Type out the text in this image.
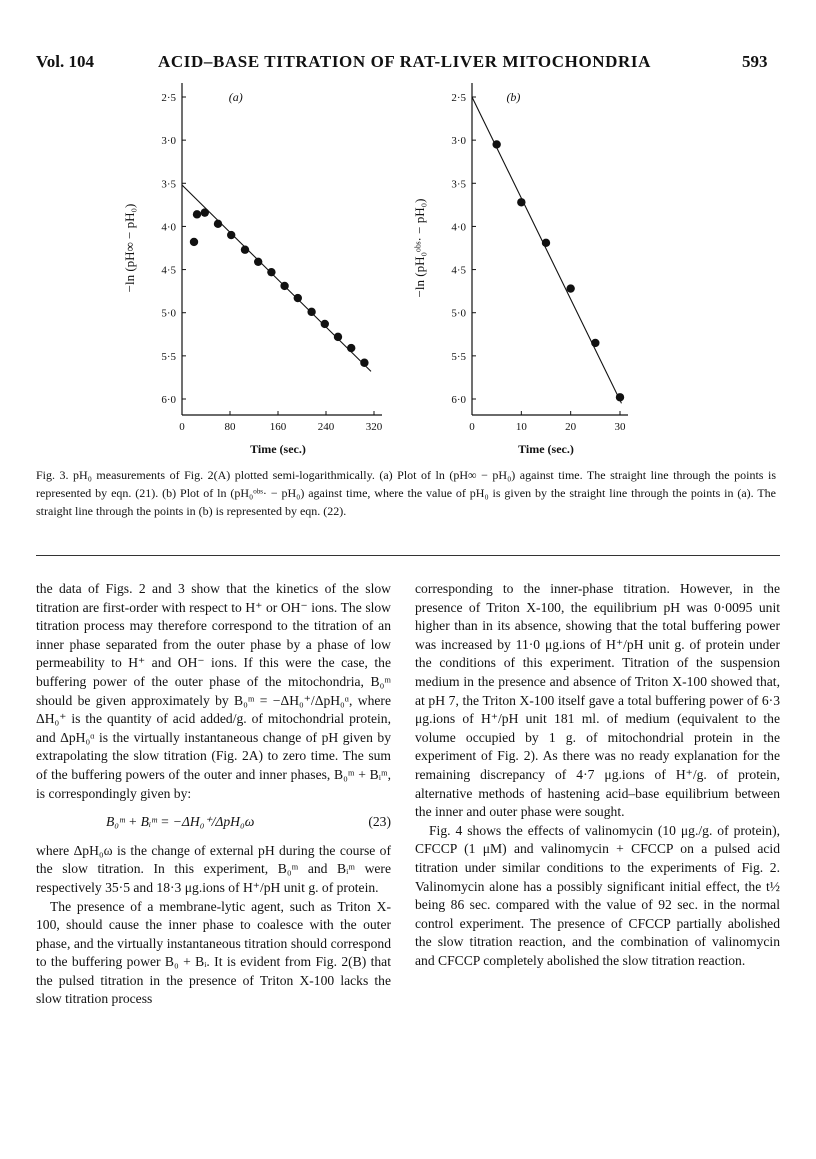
Vol. 104	ACID–BASE TITRATION OF RAT-LIVER MITOCHONDRIA	593
2·5
3·0
3·5
4·0
4·5
5·0
5·5
6·0
0	80	160	240	320
(a)
Time (sec.)
−ln (pH∞ − pH₀)
2·5
3·0
3·5
4·0
4·5
5·0
5·5
6·0
0	10	20	30
(b)
Time (sec.)
−ln (pH₀ᵒᵇˢ· − pH₀)
Fig. 3. pH₀ measurements of Fig. 2(A) plotted semi-logarithmically. (a) Plot of ln (pH∞ − pH₀) against time. The straight line through the points is represented by eqn. (21). (b) Plot of ln (pH₀ᵒᵇˢ· − pH₀) against time, where the value of pH₀ is given by the straight line through the points in (a). The straight line through the points in (b) is represented by eqn. (22).

the data of Figs. 2 and 3 show that the kinetics of the slow titration are first-order with respect to H⁺ or OH⁻ ions. The slow titration process may therefore correspond to the titration of an inner phase separated from the outer phase by a phase of low permeability to H⁺ and OH⁻ ions. If this were the case, the buffering power of the outer phase of the mitochondria, B₀ᵐ should be given approximately by B₀ᵐ = −ΔH₀⁺/ΔpH₀ᵅ, where ΔH₀⁺ is the quantity of acid added/g. of mitochondrial protein, and ΔpH₀ᵅ is the virtually instantaneous change of pH given by extrapolating the slow titration (Fig. 2A) to zero time. The sum of the buffering powers of the outer and inner phases, B₀ᵐ + Bᵢᵐ, is correspondingly given by:

B₀ᵐ + Bᵢᵐ = −ΔH₀⁺/ΔpH₀ω	(23)

where ΔpH₀ω is the change of external pH during the course of the slow titration. In this experiment, B₀ᵐ and Bᵢᵐ were respectively 35·5 and 18·3 μg.ions of H⁺/pH unit g. of protein.

The presence of a membrane-lytic agent, such as Triton X-100, should cause the inner phase to coalesce with the outer phase, and the virtually instantaneous titration should correspond to the buffering power B₀ + Bᵢ. It is evident from Fig. 2(B) that the pulsed titration in the presence of Triton X-100 lacks the slow titration process

corresponding to the inner-phase titration. However, in the presence of Triton X-100, the equilibrium pH was 0·0095 unit higher than in its absence, showing that the total buffering power was increased by 11·0 μg.ions of H⁺/pH unit g. of protein under the conditions of this experiment. Titration of the suspension medium in the presence and absence of Triton X-100 showed that, at pH 7, the Triton X-100 itself gave a total buffering power of 6·3 μg.ions of H⁺/pH unit 181 ml. of medium (equivalent to the volume occupied by 1 g. of mitochondrial protein in the experiment of Fig. 2). As there was no ready explanation for the remaining discrepancy of 4·7 μg.ions of H⁺/g. of protein, alternative methods of hastening acid–base equilibrium between the inner and outer phase were sought.

Fig. 4 shows the effects of valinomycin (10 μg./g. of protein), CFCCP (1 μM) and valinomycin + CFCCP on a pulsed acid titration under similar conditions to the experiments of Fig. 2. Valinomycin alone has a possibly significant initial effect, the t½ being 86 sec. compared with the value of 92 sec. in the normal control experiment. The presence of CFCCP partially abolished the slow titration reaction, and the combination of valinomycin and CFCCP completely abolished the slow titration reaction.
